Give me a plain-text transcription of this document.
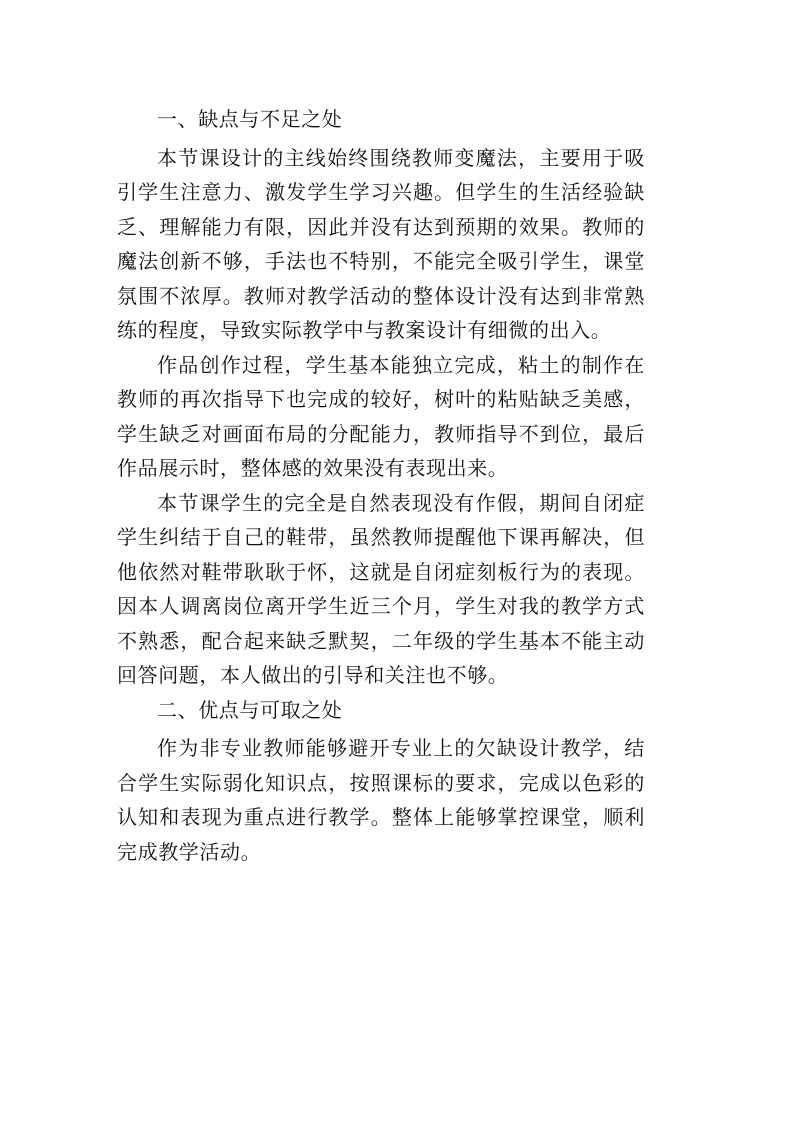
一、缺点与不足之处

本节课设计的主线始终围绕教师变魔法，主要用于吸引学生注意力、激发学生学习兴趣。但学生的生活经验缺乏、理解能力有限，因此并没有达到预期的效果。教师的魔法创新不够，手法也不特别，不能完全吸引学生，课堂氛围不浓厚。教师对教学活动的整体设计没有达到非常熟练的程度，导致实际教学中与教案设计有细微的出入。

作品创作过程，学生基本能独立完成，粘土的制作在教师的再次指导下也完成的较好，树叶的粘贴缺乏美感，学生缺乏对画面布局的分配能力，教师指导不到位，最后作品展示时，整体感的效果没有表现出来。

本节课学生的完全是自然表现没有作假，期间自闭症学生纠结于自己的鞋带，虽然教师提醒他下课再解决，但他依然对鞋带耿耿于怀，这就是自闭症刻板行为的表现。因本人调离岗位离开学生近三个月，学生对我的教学方式不熟悉，配合起来缺乏默契，二年级的学生基本不能主动回答问题，本人做出的引导和关注也不够。

二、优点与可取之处

作为非专业教师能够避开专业上的欠缺设计教学，结合学生实际弱化知识点，按照课标的要求，完成以色彩的认知和表现为重点进行教学。整体上能够掌控课堂，顺利完成教学活动。
